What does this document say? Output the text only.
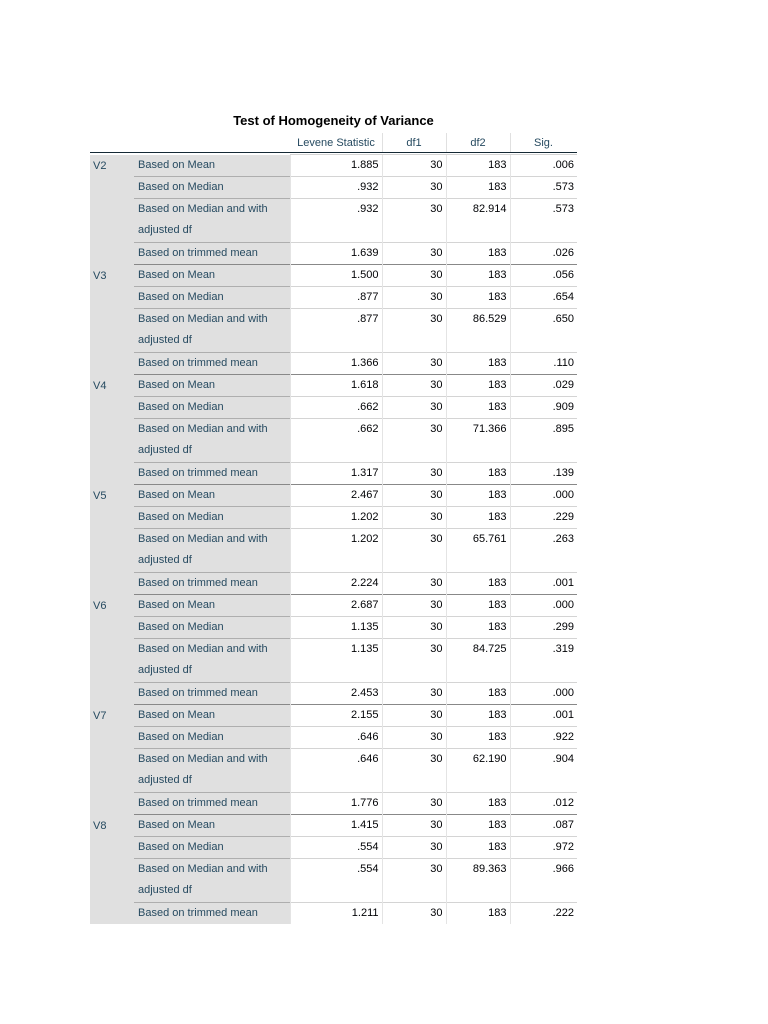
Test of Homogeneity of Variance
Levene Statistic	df1	df2	Sig.
V2	Based on Mean	1.885	30	183	.006
	Based on Median	.932	30	183	.573
	Based on Median and with adjusted df	.932	30	82.914	.573
	Based on trimmed mean	1.639	30	183	.026
V3	Based on Mean	1.500	30	183	.056
	Based on Median	.877	30	183	.654
	Based on Median and with adjusted df	.877	30	86.529	.650
	Based on trimmed mean	1.366	30	183	.110
V4	Based on Mean	1.618	30	183	.029
	Based on Median	.662	30	183	.909
	Based on Median and with adjusted df	.662	30	71.366	.895
	Based on trimmed mean	1.317	30	183	.139
V5	Based on Mean	2.467	30	183	.000
	Based on Median	1.202	30	183	.229
	Based on Median and with adjusted df	1.202	30	65.761	.263
	Based on trimmed mean	2.224	30	183	.001
V6	Based on Mean	2.687	30	183	.000
	Based on Median	1.135	30	183	.299
	Based on Median and with adjusted df	1.135	30	84.725	.319
	Based on trimmed mean	2.453	30	183	.000
V7	Based on Mean	2.155	30	183	.001
	Based on Median	.646	30	183	.922
	Based on Median and with adjusted df	.646	30	62.190	.904
	Based on trimmed mean	1.776	30	183	.012
V8	Based on Mean	1.415	30	183	.087
	Based on Median	.554	30	183	.972
	Based on Median and with adjusted df	.554	30	89.363	.966
	Based on trimmed mean	1.211	30	183	.222
